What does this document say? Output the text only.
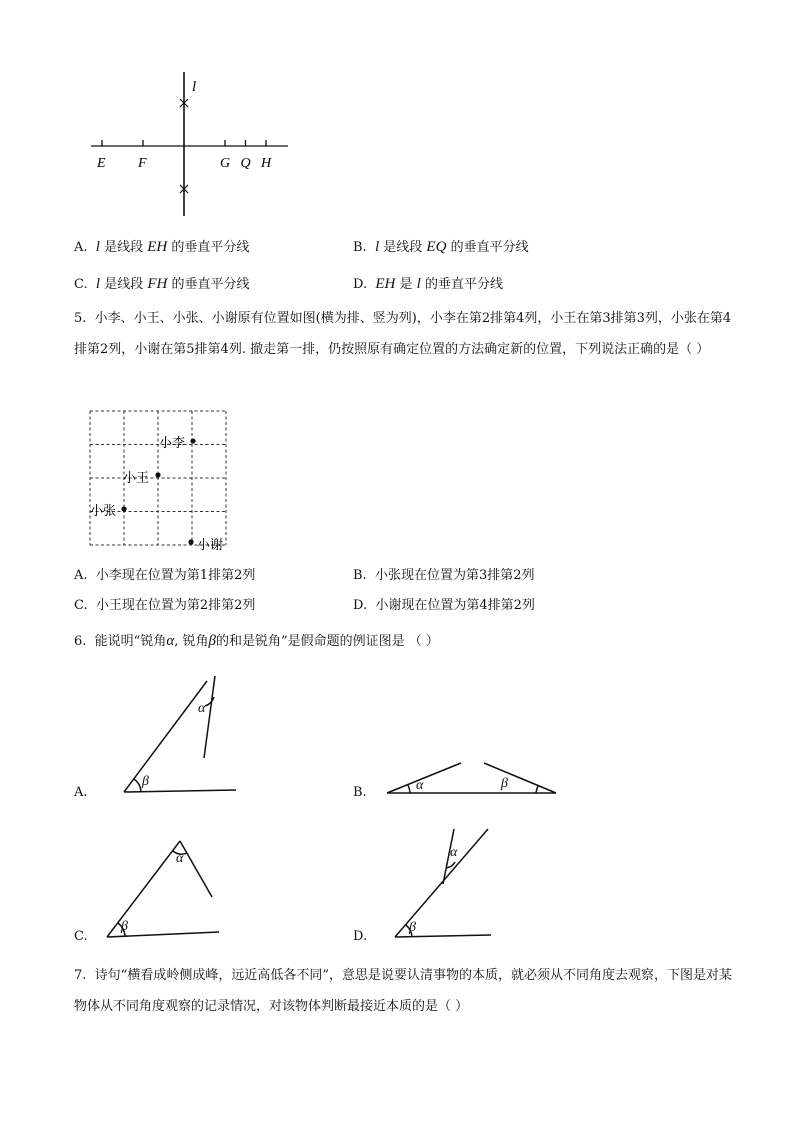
l
E F	G Q H
A. l 是线段 EH 的垂直平分线	B. l 是线段 EQ 的垂直平分线
C. l 是线段 FH 的垂直平分线	D. EH 是 l 的垂直平分线
5. 小李、小王、小张、小谢原有位置如图(横为排、竖为列)，小李在第2排第4列，小王在第3排第3列，小张在第4排第2列，小谢在第5排第4列. 撤走第一排，仍按照原有确定位置的方法确定新的位置，下列说法正确的是（ ）
小李
小王
小张
小谢
A. 小李现在位置为第1排第2列	B. 小张现在位置为第3排第2列
C. 小王现在位置为第2排第2列	D. 小谢现在位置为第4排第2列
6. 能说明“锐角α, 锐角β的和是锐角”是假命题的例证图是 （ ）
α
β	α	β
α
β
α
β
A.	B.
C.	D.
7. 诗句“横看成岭侧成峰，远近高低各不同”，意思是说要认清事物的本质，就必须从不同角度去观察，下图是对某物体从不同角度观察的记录情况，对该物体判断最接近本质的是（ ）
